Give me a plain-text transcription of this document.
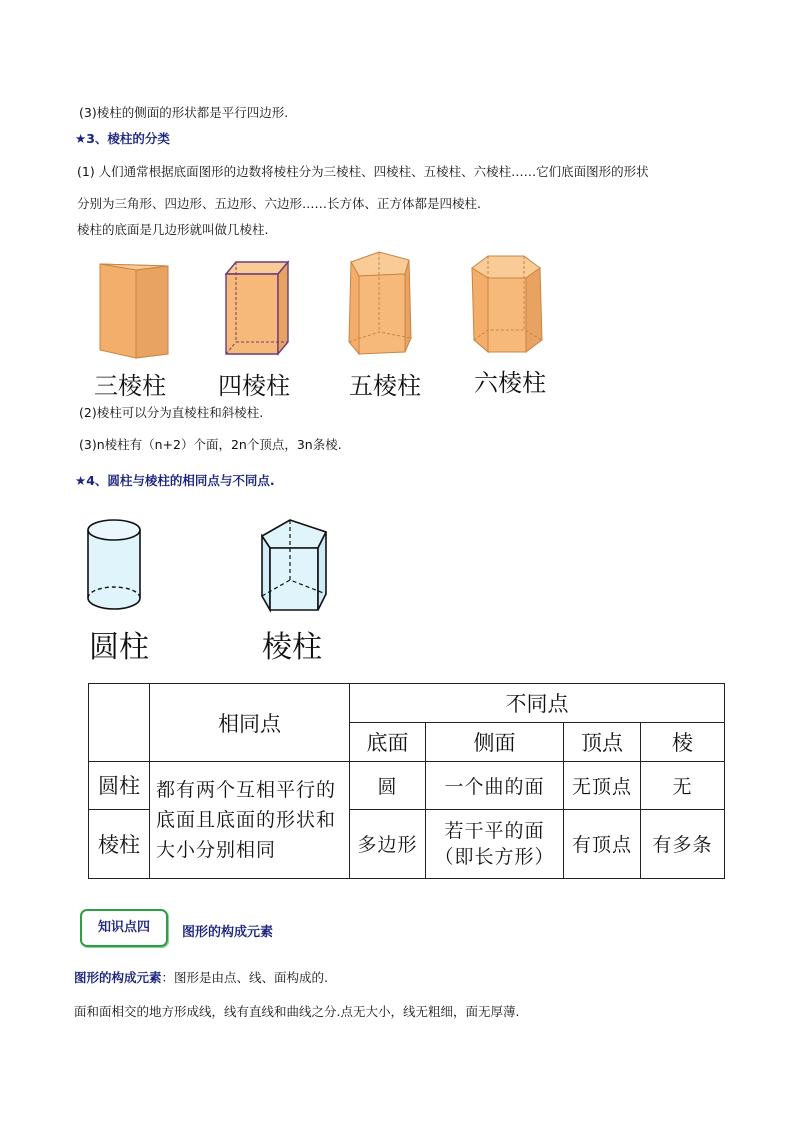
(3)棱柱的侧面的形状都是平行四边形.
★3、棱柱的分类
(1) 人们通常根据底面图形的边数将棱柱分为三棱柱、四棱柱、五棱柱、六棱柱……它们底面图形的形状
分别为三角形、四边形、五边形、六边形……长方体、正方体都是四棱柱.
棱柱的底面是几边形就叫做几棱柱.
三棱柱 四棱柱 五棱柱 六棱柱
(2)棱柱可以分为直棱柱和斜棱柱.
(3)n棱柱有（n+2）个面，2n个顶点，3n条棱.
★4、圆柱与棱柱的相同点与不同点.
圆柱	棱柱
	相同点	不同点			
		底面	侧面	顶点	棱
圆柱	都有两个互相平行的底面且底面的形状和大小分别相同	圆	一个曲的面	无顶点	无
棱柱		多边形	若干平的面（即长方形）	有顶点	有多条
知识点四	图形的构成元素
图形的构成元素：图形是由点、线、面构成的.
面和面相交的地方形成线，线有直线和曲线之分.点无大小，线无粗细，面无厚薄.
